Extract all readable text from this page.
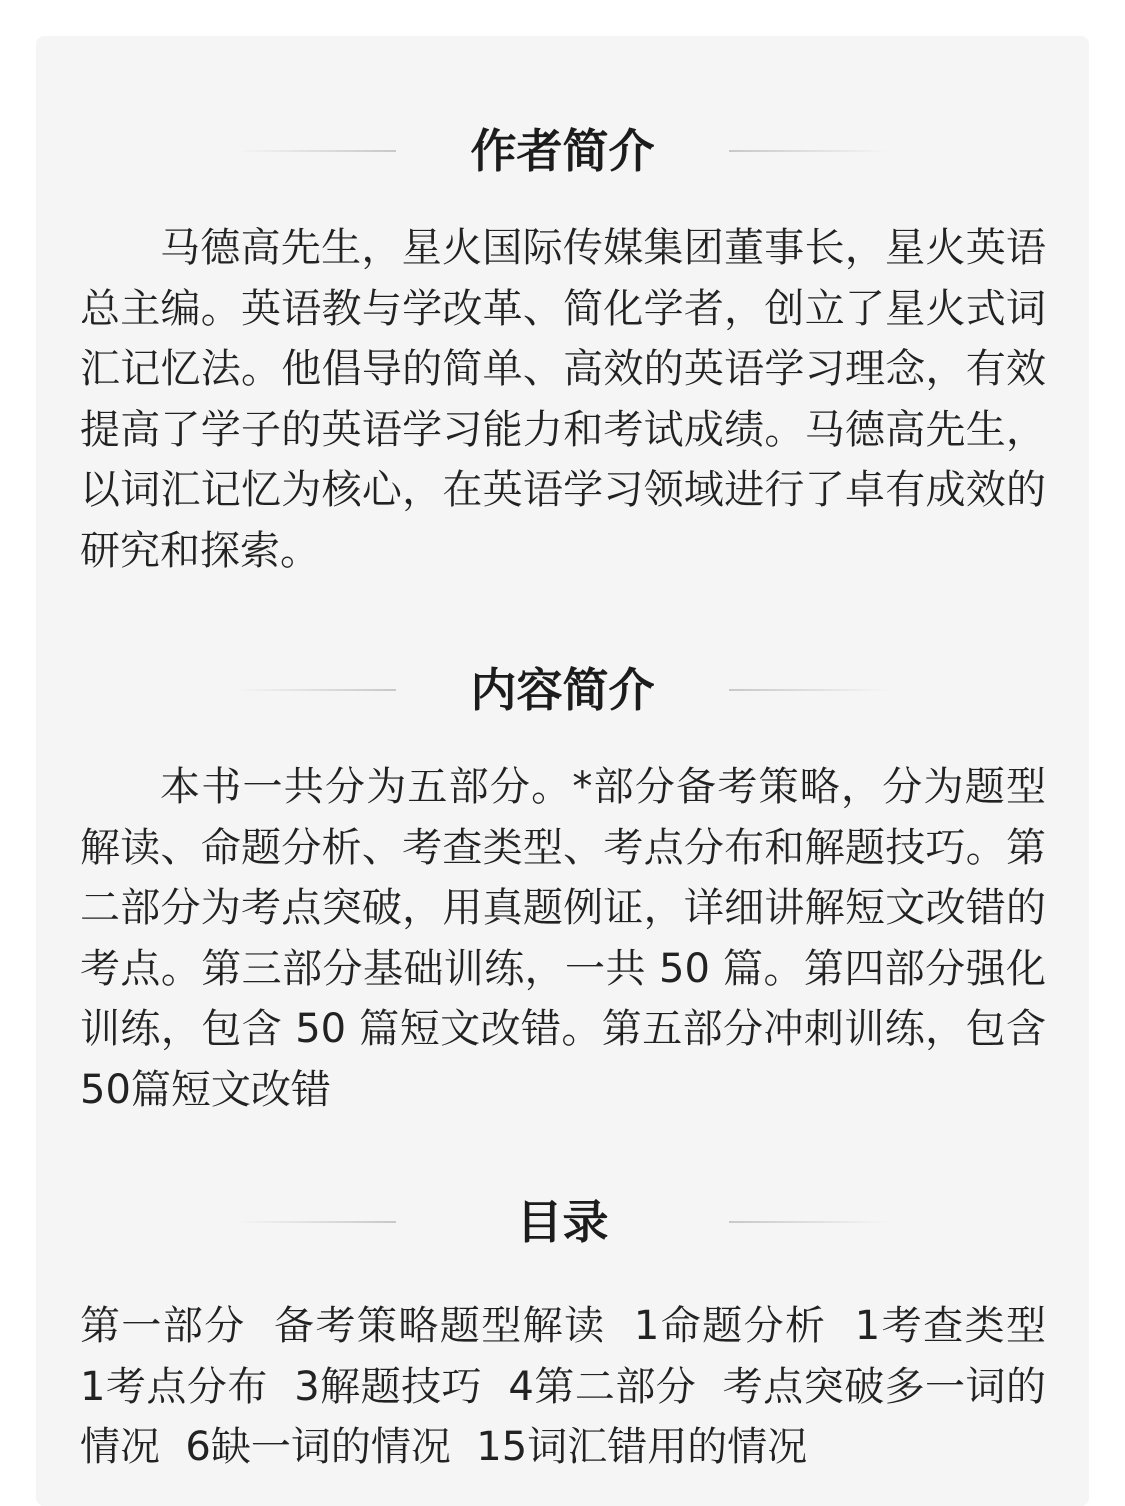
作者简介

马德高先生，星火国际传媒集团董事长，星火英语总主编。英语教与学改革、简化学者，创立了星火式词汇记忆法。他倡导的简单、高效的英语学习理念，有效提高了学子的英语学习能力和考试成绩。马德高先生，以词汇记忆为核心，在英语学习领域进行了卓有成效的研究和探索。

内容简介

本书一共分为五部分。*部分备考策略，分为题型解读、命题分析、考查类型、考点分布和解题技巧。第二部分为考点突破，用真题例证，详细讲解短文改错的考点。第三部分基础训练，一共 50 篇。第四部分强化训练，包含 50 篇短文改错。第五部分冲刺训练，包含50篇短文改错

目录

第一部分  备考策略题型解读  1命题分析  1考查类型  1考点分布  3解题技巧  4第二部分  考点突破多一词的情况  6缺一词的情况  15词汇错用的情况
